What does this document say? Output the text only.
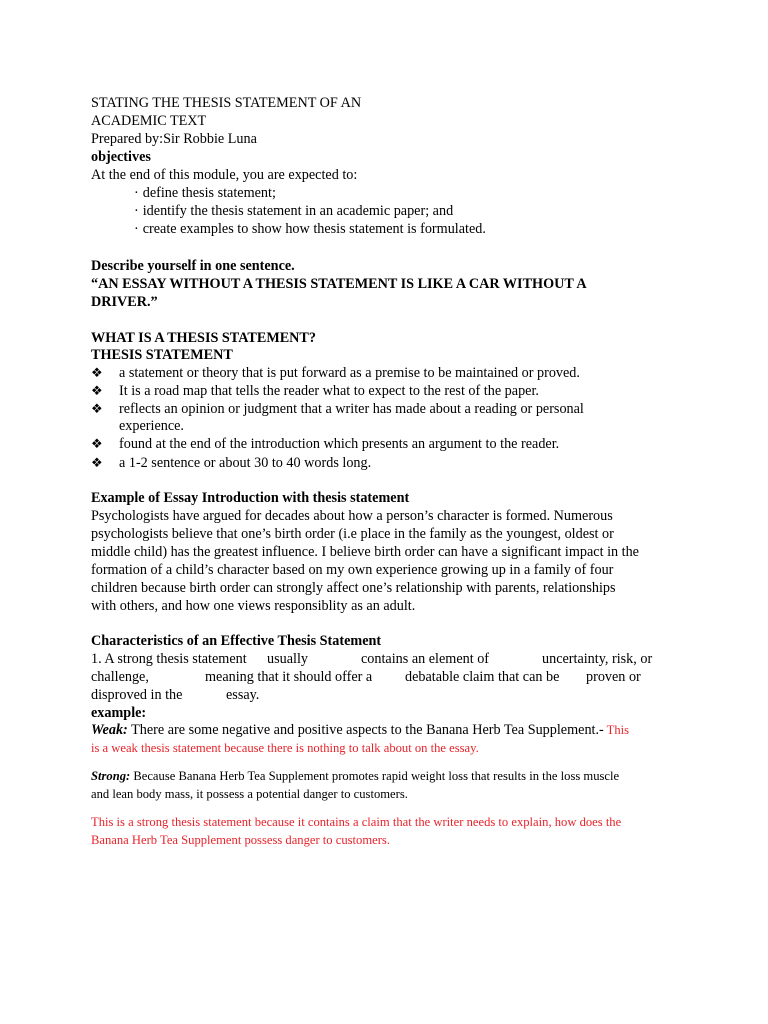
STATING THE THESIS STATEMENT OF AN

ACADEMIC TEXT

Prepared by:Sir Robbie Luna

objectives

At the end of this module, you are expected to:

· define thesis statement;

· identify the thesis statement in an academic paper; and

· create examples to show how thesis statement is formulated.

Describe yourself in one sentence.

“AN ESSAY WITHOUT A THESIS STATEMENT IS LIKE A CAR WITHOUT A

DRIVER.”

WHAT IS A THESIS STATEMENT?

THESIS STATEMENT

❖ a statement or theory that is put forward as a premise to be maintained or proved.
❖ It is a road map that tells the reader what to expect to the rest of the paper.
❖ reflects an opinion or judgment that a writer has made about a reading or personal

experience.

❖ found at the end of the introduction which presents an argument to the reader.
❖ a 1-2 sentence or about 30 to 40 words long.

Example of Essay Introduction with thesis statement

Psychologists have argued for decades about how a person’s character is formed. Numerous

psychologists believe that one’s birth order (i.e place in the family as the youngest, oldest or

middle child) has the greatest influence. I believe birth order can have a significant impact in the

formation of a child’s character based on my own experience growing up in a family of four

children because birth order can strongly affect one’s relationship with parents, relationships

with others, and how one views responsiblity as an adult.

Characteristics of an Effective Thesis Statement

1. A strong thesis statement usually	contains an element of	uncertainty, risk, or

challenge,	meaning that it should offer a debatable claim that can be proven or

disproved in the	essay.

example:

Weak: There are some negative and positive aspects to the Banana Herb Tea Supplement.- This

is a weak thesis statement because there is nothing to talk about on the essay.

Strong: Because Banana Herb Tea Supplement promotes rapid weight loss that results in the loss muscle

and lean body mass, it possess a potential danger to customers.

This is a strong thesis statement because it contains a claim that the writer needs to explain, how does the

Banana Herb Tea Supplement possess danger to customers.
